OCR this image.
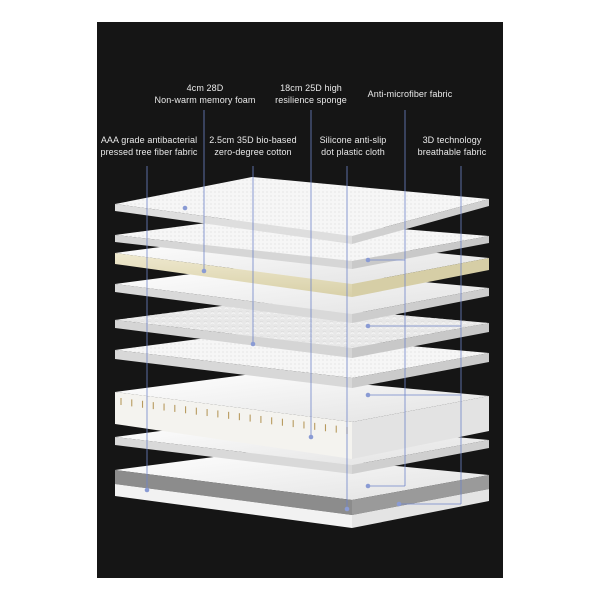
4cm 28D
Non-warm memory foam
18cm 25D high
resilience sponge
Anti-microfiber fabric
AAA grade antibacterial
pressed tree fiber fabric
2.5cm 35D bio-based
zero-degree cotton
Silicone anti-slip
dot plastic cloth
3D technology
breathable fabric
